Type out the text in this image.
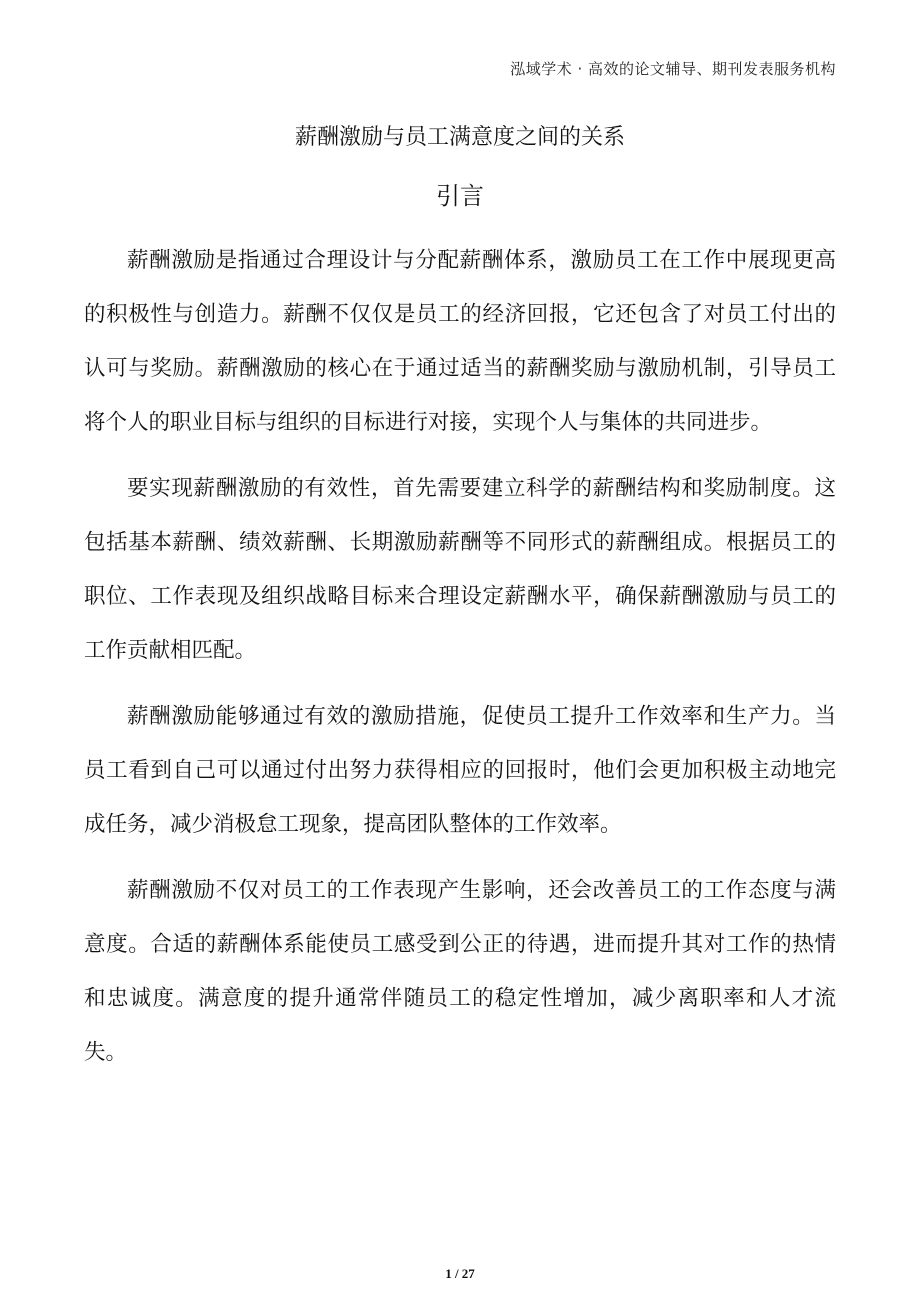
泓域学术 · 高效的论文辅导、期刊发表服务机构
薪酬激励与员工满意度之间的关系
引言

薪酬激励是指通过合理设计与分配薪酬体系，激励员工在工作中展现更高的积极性与创造力。薪酬不仅仅是员工的经济回报，它还包含了对员工付出的认可与奖励。薪酬激励的核心在于通过适当的薪酬奖励与激励机制，引导员工将个人的职业目标与组织的目标进行对接，实现个人与集体的共同进步。

要实现薪酬激励的有效性，首先需要建立科学的薪酬结构和奖励制度。这包括基本薪酬、绩效薪酬、长期激励薪酬等不同形式的薪酬组成。根据员工的职位、工作表现及组织战略目标来合理设定薪酬水平，确保薪酬激励与员工的工作贡献相匹配。

薪酬激励能够通过有效的激励措施，促使员工提升工作效率和生产力。当员工看到自己可以通过付出努力获得相应的回报时，他们会更加积极主动地完成任务，减少消极怠工现象，提高团队整体的工作效率。

薪酬激励不仅对员工的工作表现产生影响，还会改善员工的工作态度与满意度。合适的薪酬体系能使员工感受到公正的待遇，进而提升其对工作的热情和忠诚度。满意度的提升通常伴随员工的稳定性增加，减少离职率和人才流失。

1 / 27
